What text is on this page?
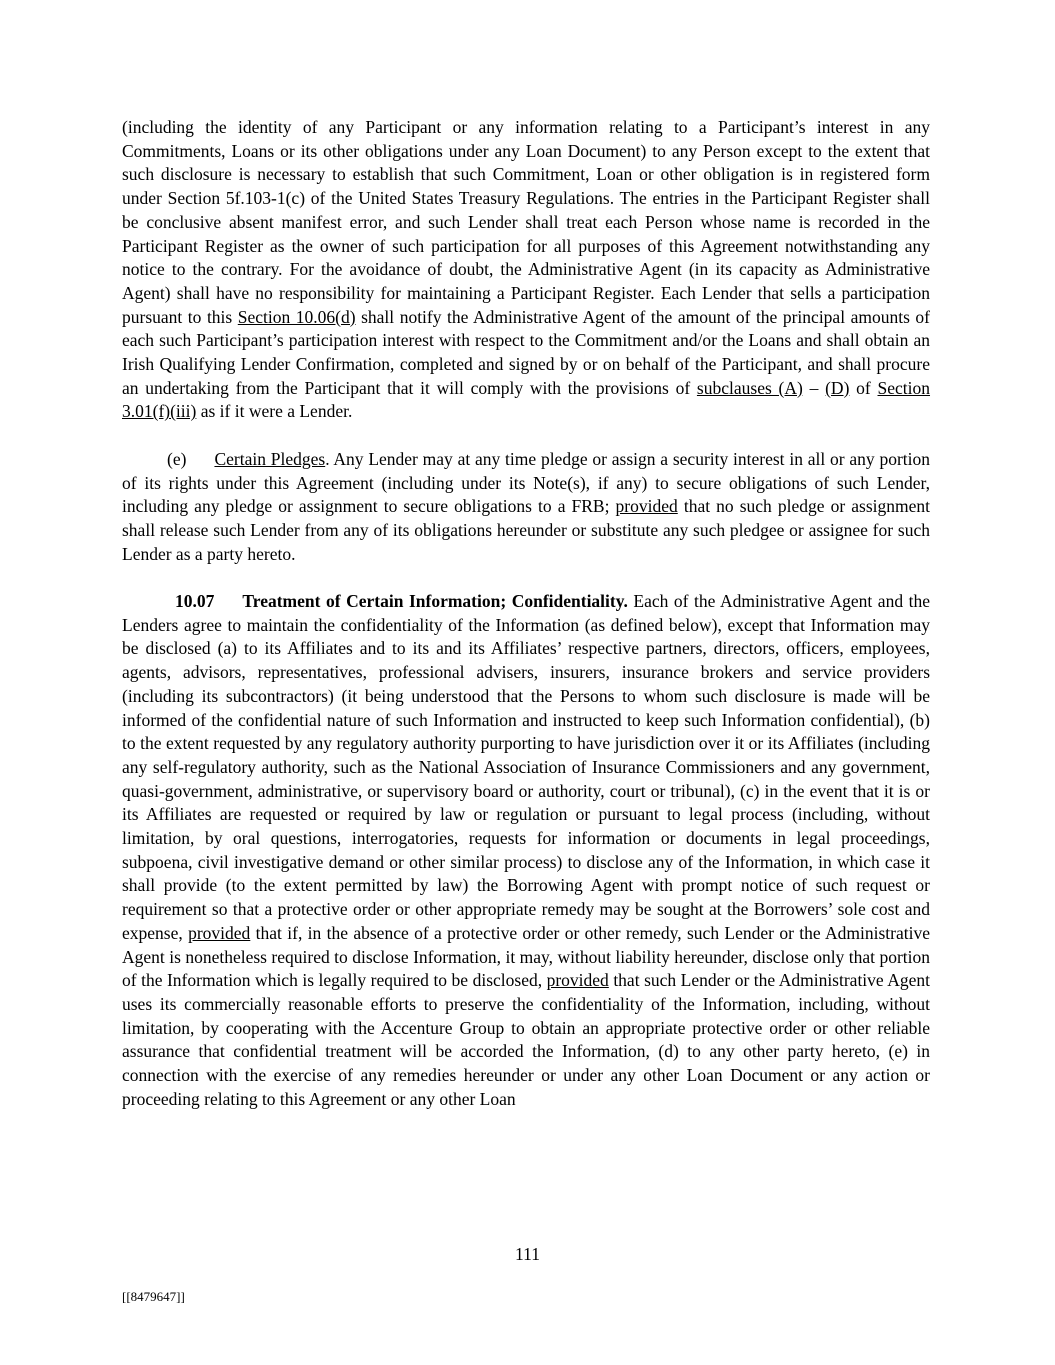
(including the identity of any Participant or any information relating to a Participant’s interest in any Commitments, Loans or its other obligations under any Loan Document) to any Person except to the extent that such disclosure is necessary to establish that such Commitment, Loan or other obligation is in registered form under Section 5f.103-1(c) of the United States Treasury Regulations. The entries in the Participant Register shall be conclusive absent manifest error, and such Lender shall treat each Person whose name is recorded in the Participant Register as the owner of such participation for all purposes of this Agreement notwithstanding any notice to the contrary. For the avoidance of doubt, the Administrative Agent (in its capacity as Administrative Agent) shall have no responsibility for maintaining a Participant Register. Each Lender that sells a participation pursuant to this Section 10.06(d) shall notify the Administrative Agent of the amount of the principal amounts of each such Participant’s participation interest with respect to the Commitment and/or the Loans and shall obtain an Irish Qualifying Lender Confirmation, completed and signed by or on behalf of the Participant, and shall procure an undertaking from the Participant that it will comply with the provisions of subclauses (A) – (D) of Section 3.01(f)(iii) as if it were a Lender.

(e) Certain Pledges. Any Lender may at any time pledge or assign a security interest in all or any portion of its rights under this Agreement (including under its Note(s), if any) to secure obligations of such Lender, including any pledge or assignment to secure obligations to a FRB; provided that no such pledge or assignment shall release such Lender from any of its obligations hereunder or substitute any such pledgee or assignee for such Lender as a party hereto.

10.07 Treatment of Certain Information; Confidentiality. Each of the Administrative Agent and the Lenders agree to maintain the confidentiality of the Information (as defined below), except that Information may be disclosed (a) to its Affiliates and to its and its Affiliates’ respective partners, directors, officers, employees, agents, advisors, representatives, professional advisers, insurers, insurance brokers and service providers (including its subcontractors) (it being understood that the Persons to whom such disclosure is made will be informed of the confidential nature of such Information and instructed to keep such Information confidential), (b) to the extent requested by any regulatory authority purporting to have jurisdiction over it or its Affiliates (including any self-regulatory authority, such as the National Association of Insurance Commissioners and any government, quasi-government, administrative, or supervisory board or authority, court or tribunal), (c) in the event that it is or its Affiliates are requested or required by law or regulation or pursuant to legal process (including, without limitation, by oral questions, interrogatories, requests for information or documents in legal proceedings, subpoena, civil investigative demand or other similar process) to disclose any of the Information, in which case it shall provide (to the extent permitted by law) the Borrowing Agent with prompt notice of such request or requirement so that a protective order or other appropriate remedy may be sought at the Borrowers’ sole cost and expense, provided that if, in the absence of a protective order or other remedy, such Lender or the Administrative Agent is nonetheless required to disclose Information, it may, without liability hereunder, disclose only that portion of the Information which is legally required to be disclosed, provided that such Lender or the Administrative Agent uses its commercially reasonable efforts to preserve the confidentiality of the Information, including, without limitation, by cooperating with the Accenture Group to obtain an appropriate protective order or other reliable assurance that confidential treatment will be accorded the Information, (d) to any other party hereto, (e) in connection with the exercise of any remedies hereunder or under any other Loan Document or any action or proceeding relating to this Agreement or any other Loan

111
[[8479647]]
